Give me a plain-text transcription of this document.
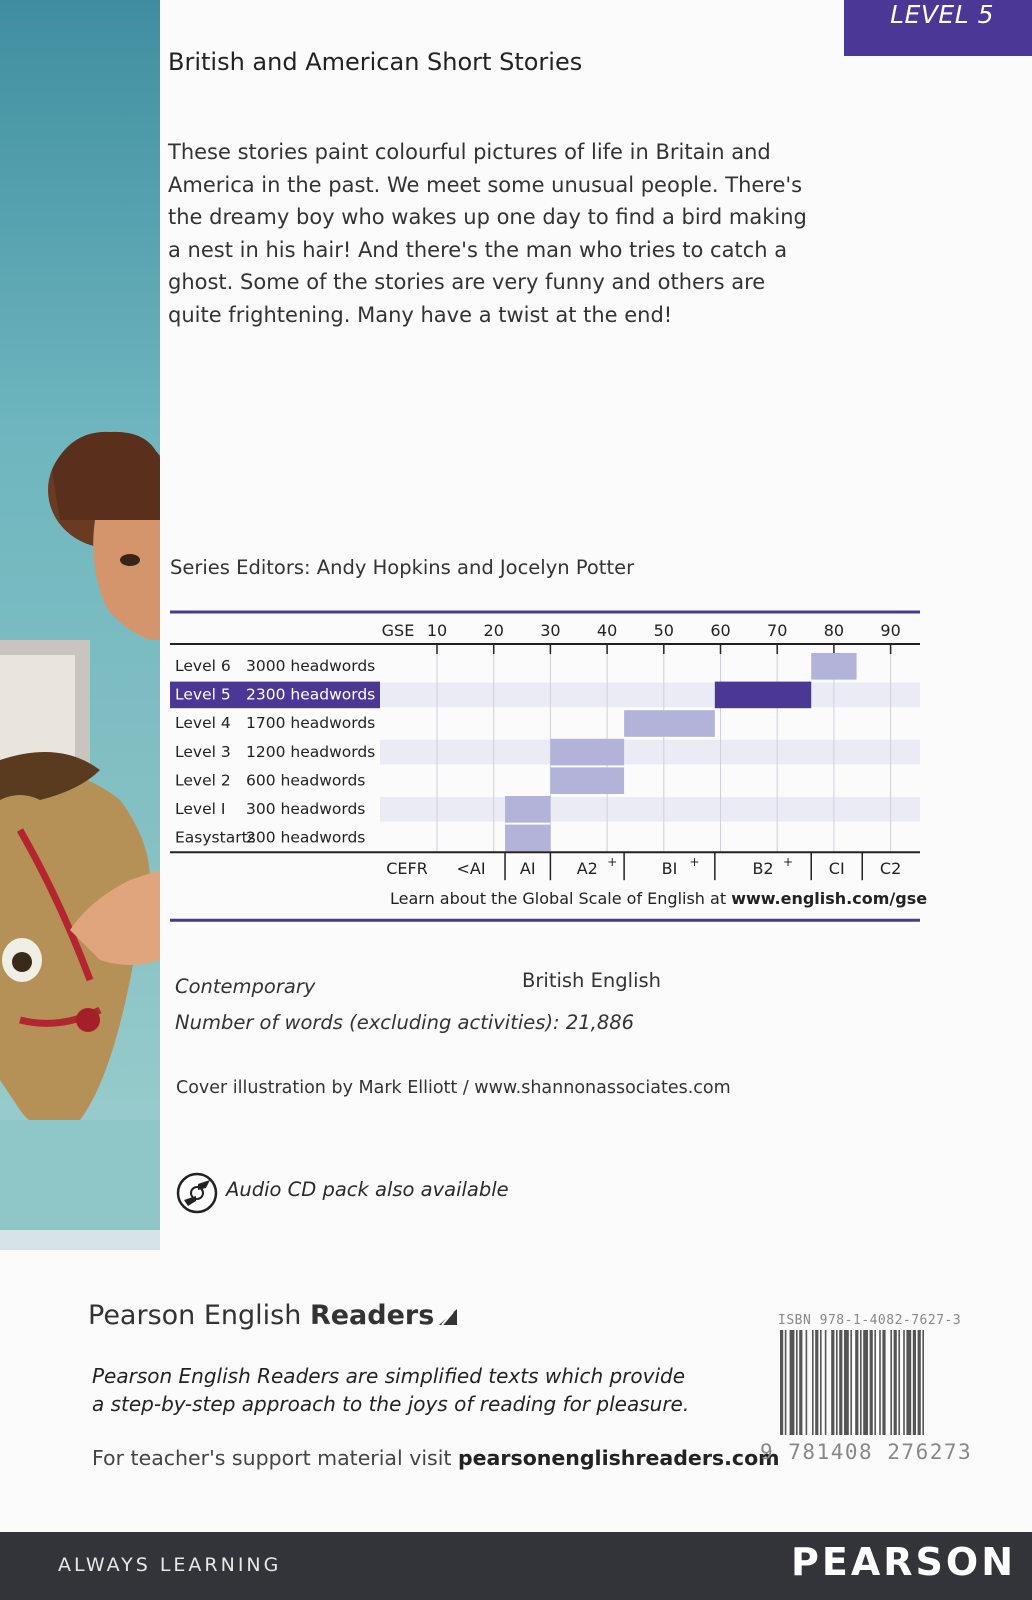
LEVEL 5
British and American Short Stories
These stories paint colourful pictures of life in Britain and America in the past. We meet some unusual people. There's the dreamy boy who wakes up one day to find a bird making a nest in his hair! And there's the man who tries to catch a ghost. Some of the stories are very funny and others are quite frightening. Many have a twist at the end!
Series Editors: Andy Hopkins and Jocelyn Potter
10 20 30 40 50 60 70 80 90
GSE
Level 6 3000 headwords
Level 5 2300 headwords
Level 4 1700 headwords
Level 3 1200 headwords
Level 2 600 headwords
Level I 300 headwords
Easystarts
200 headwords
CEFR <AI AI	A2 +	BI +	B2 + CI C2
Learn about the Global Scale of English at www.english.com/gse
Contemporary	British English
Number of words (excluding activities): 21,886
Cover illustration by Mark Elliott / www.shannonassociates.com
Audio CD pack also available
Pearson English Readers
Pearson English Readers are simplified texts which provide a step-by-step approach to the joys of reading for pleasure.
For teacher's support material visit pearsonenglishreaders.com
ISBN 978-1-4082-7627-3
9 781408 276273
ALWAYS LEARNING	PEARSON
